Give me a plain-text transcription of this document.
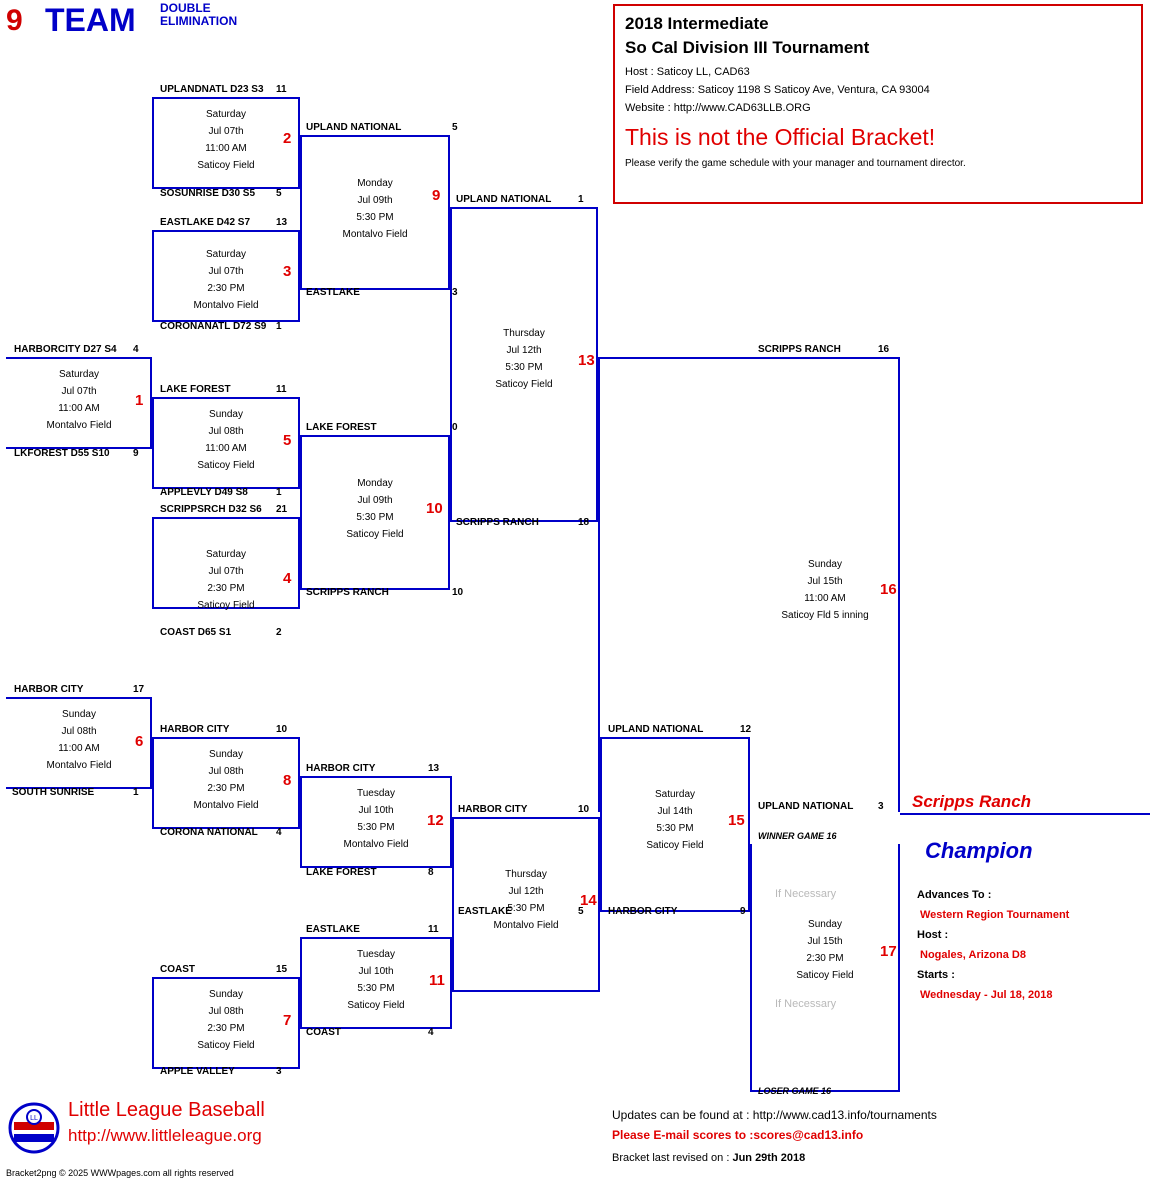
9 TEAM DOUBLE
ELIMINATION	2018 Intermediate
So Cal Division III Tournament
Host : Saticoy LL, CAD63
Field Address: Saticoy 1198 S Saticoy Ave, Ventura, CA 93004
Website : http://www.CAD63LLB.ORG
This is not the Official Bracket!
Please verify the game schedule with your manager and tournament director.
UPLANDNATL D23 S3 11
Saturday
Jul 07th
11:00 AM
Saticoy Field
2
SOSUNRISE D30 S5 5
EASTLAKE D42 S7	13
Saturday
Jul 07th
2:30 PM
Montalvo Field
3
CORONANATL D72 S9 1
UPLAND NATIONAL	5
Monday
Jul 09th
5:30 PM
Montalvo Field
9
EASTLAKE	3
HARBORCITY D27 S4 4
Saturday
Jul 07th
11:00 AM
Montalvo Field
1
LKFOREST D55 S10 9
LAKE FOREST	11
Sunday
Jul 08th
11:00 AM
Saticoy Field
5
APPLEVLY D49 S8	1
SCRIPPSRCH D32 S6 21
Saturday
Jul 07th
2:30 PM
Saticoy Field
4
COAST D65 S1	2
LAKE FOREST	0
Monday
Jul 09th
5:30 PM
Saticoy Field
10
SCRIPPS RANCH	10
UPLAND NATIONAL	1
Thursday
Jul 12th
5:30 PM
Saticoy Field
13
SCRIPPS RANCH	18
SCRIPPS RANCH	16
Sunday
Jul 15th
11:00 AM
Saticoy Fld 5 inning
16
UPLAND NATIONAL 3
HARBOR CITY	17
Sunday
Jul 08th
11:00 AM
Montalvo Field
6
SOUTH SUNRISE	1
HARBOR CITY	10
Sunday
Jul 08th
2:30 PM
Montalvo Field
8
CORONA NATIONAL 4
HARBOR CITY	13
Tuesday
Jul 10th
5:30 PM
Montalvo Field
12
LAKE FOREST	8
COAST	15
Sunday
Jul 08th
2:30 PM
Saticoy Field
7
APPLE VALLEY	3
EASTLAKE	11
Tuesday
Jul 10th
5:30 PM
Saticoy Field
11
COAST	4
HARBOR CITY	10
Thursday
Jul 12th
5:30 PM
Montalvo Field
14
EASTLAKE	5
UPLAND NATIONAL	12
Saturday
Jul 14th
5:30 PM
Saticoy Field
15
HARBOR CITY	9
WINNER GAME 16
If Necessary
Sunday
Jul 15th
2:30 PM
Saticoy Field
If Necessary
17
LOSER GAME 16
Scripps Ranch
Champion
Advances To :
Western Region Tournament
Host :
Nogales, Arizona D8
Starts :
Wednesday - Jul 18, 2018
LL Little League Baseball
http://www.littleleague.org
Bracket2png © 2025 WWWpages.com all rights reserved
Updates can be found at : http://www.cad13.info/tournaments
Please E-mail scores to :scores@cad13.info
Bracket last revised on : Jun 29th 2018
